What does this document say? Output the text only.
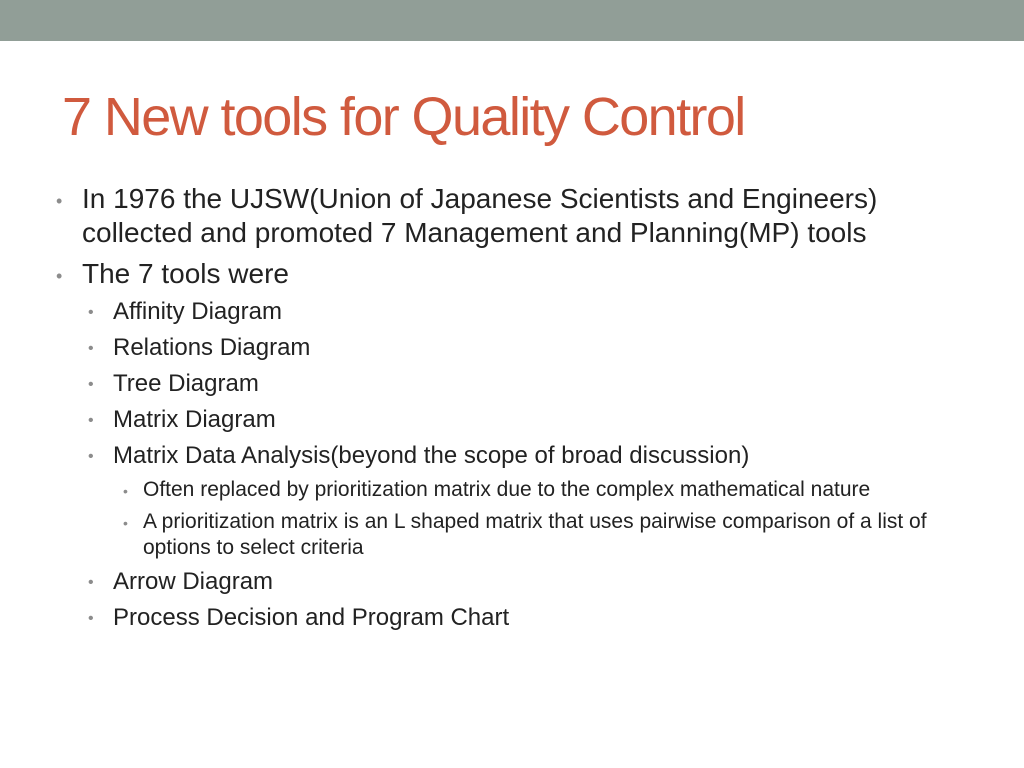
7 New tools for Quality Control

• In 1976 the UJSW(Union of Japanese Scientists and Engineers) collected and promoted 7 Management and Planning(MP) tools

• The 7 tools were

• Affinity Diagram

• Relations Diagram

• Tree Diagram

• Matrix Diagram

• Matrix Data Analysis(beyond the scope of broad discussion)

• Often replaced by prioritization matrix due to the complex mathematical nature

• A prioritization matrix is an L shaped matrix that uses pairwise comparison of a list of options to select criteria

• Arrow Diagram

• Process Decision and Program Chart
